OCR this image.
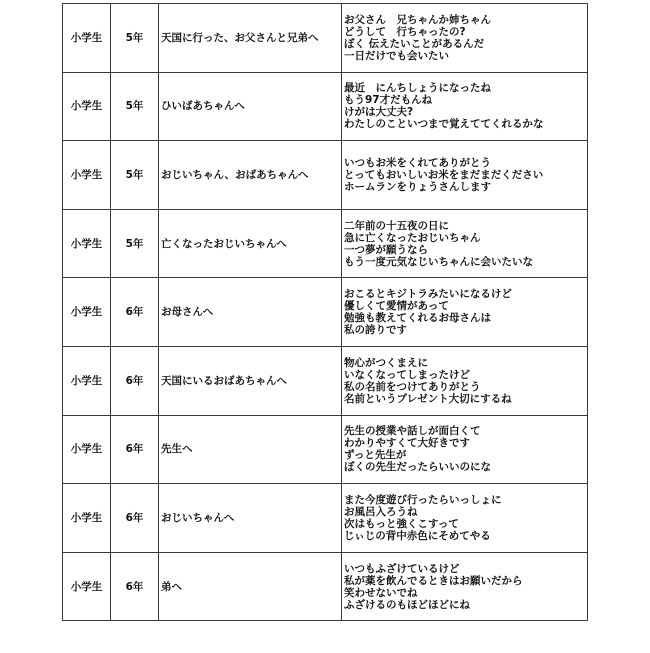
小学生	5年	天国に行った、お父さんと兄弟へ	お父さん　兄ちゃんか姉ちゃん
どうして　行ちゃったの?
ぼく 伝えたいことがあるんだ
一日だけでも会いたい

小学生	5年	ひいばあちゃんへ	最近　にんちしょうになったね
もう97才だもんね
けがは大丈夫?
わたしのこといつまで覚えててくれるかな

小学生	5年	おじいちゃん、おばあちゃんへ	いつもお米をくれてありがとう
とってもおいしいお米をまだまだください
ホームランをりょうさんします

小学生	5年	亡くなったおじいちゃんへ	二年前の十五夜の日に
急に亡くなったおじいちゃん
一つ夢が願うなら
もう一度元気なじいちゃんに会いたいな

小学生	6年	お母さんへ	おこるとキジトラみたいになるけど
優しくて愛情があって
勉強も教えてくれるお母さんは
私の誇りです

小学生	6年	天国にいるおばあちゃんへ	物心がつくまえに
いなくなってしまったけど
私の名前をつけてありがとう
名前というプレゼント大切にするね

小学生	6年	先生へ	先生の授業や話しが面白くて
わかりやすくて大好きです
ずっと先生が
ぼくの先生だったらいいのにな

小学生	6年	おじいちゃんへ	また今度遊び行ったらいっしょに
お風呂入ろうね
次はもっと強くこすって
じぃじの背中赤色にそめてやる

小学生	6年	弟へ	いつもふざけているけど
私が薬を飲んでるときはお願いだから
笑わせないでね
ふざけるのもほどほどにね
